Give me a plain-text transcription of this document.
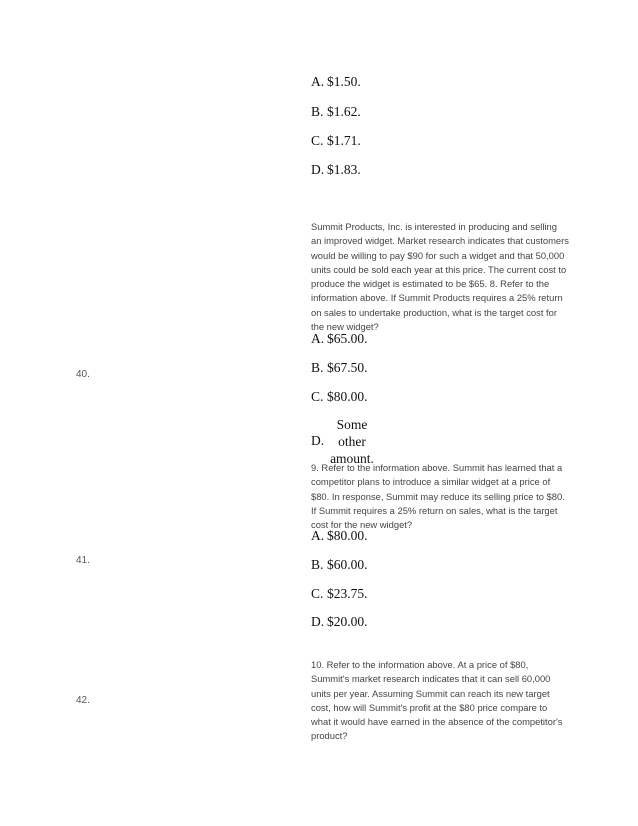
A. $1.50.
B. $1.62.
C. $1.71.
D. $1.83.
Summit Products, Inc. is interested in producing and selling an improved widget. Market research indicates that customers would be willing to pay $90 for such a widget and that 50,000 units could be sold each year at this price. The current cost to produce the widget is estimated to be $65. 8. Refer to the information above. If Summit Products requires a 25% return on sales to undertake production, what is the target cost for the new widget?
40.
A. $65.00.
B. $67.50.
C. $80.00.
D.
Some
other
amount.
9. Refer to the information above. Summit has learned that a competitor plans to introduce a similar widget at a price of $80. In response, Summit may reduce its selling price to $80. If Summit requires a 25% return on sales, what is the target cost for the new widget?
41.
A. $80.00.
B. $60.00.
C. $23.75.
D. $20.00.
10. Refer to the information above. At a price of $80, Summit's market research indicates that it can sell 60,000 units per year. Assuming Summit can reach its new target cost, how will Summit's profit at the $80 price compare to what it would have earned in the absence of the competitor's product?
42.
